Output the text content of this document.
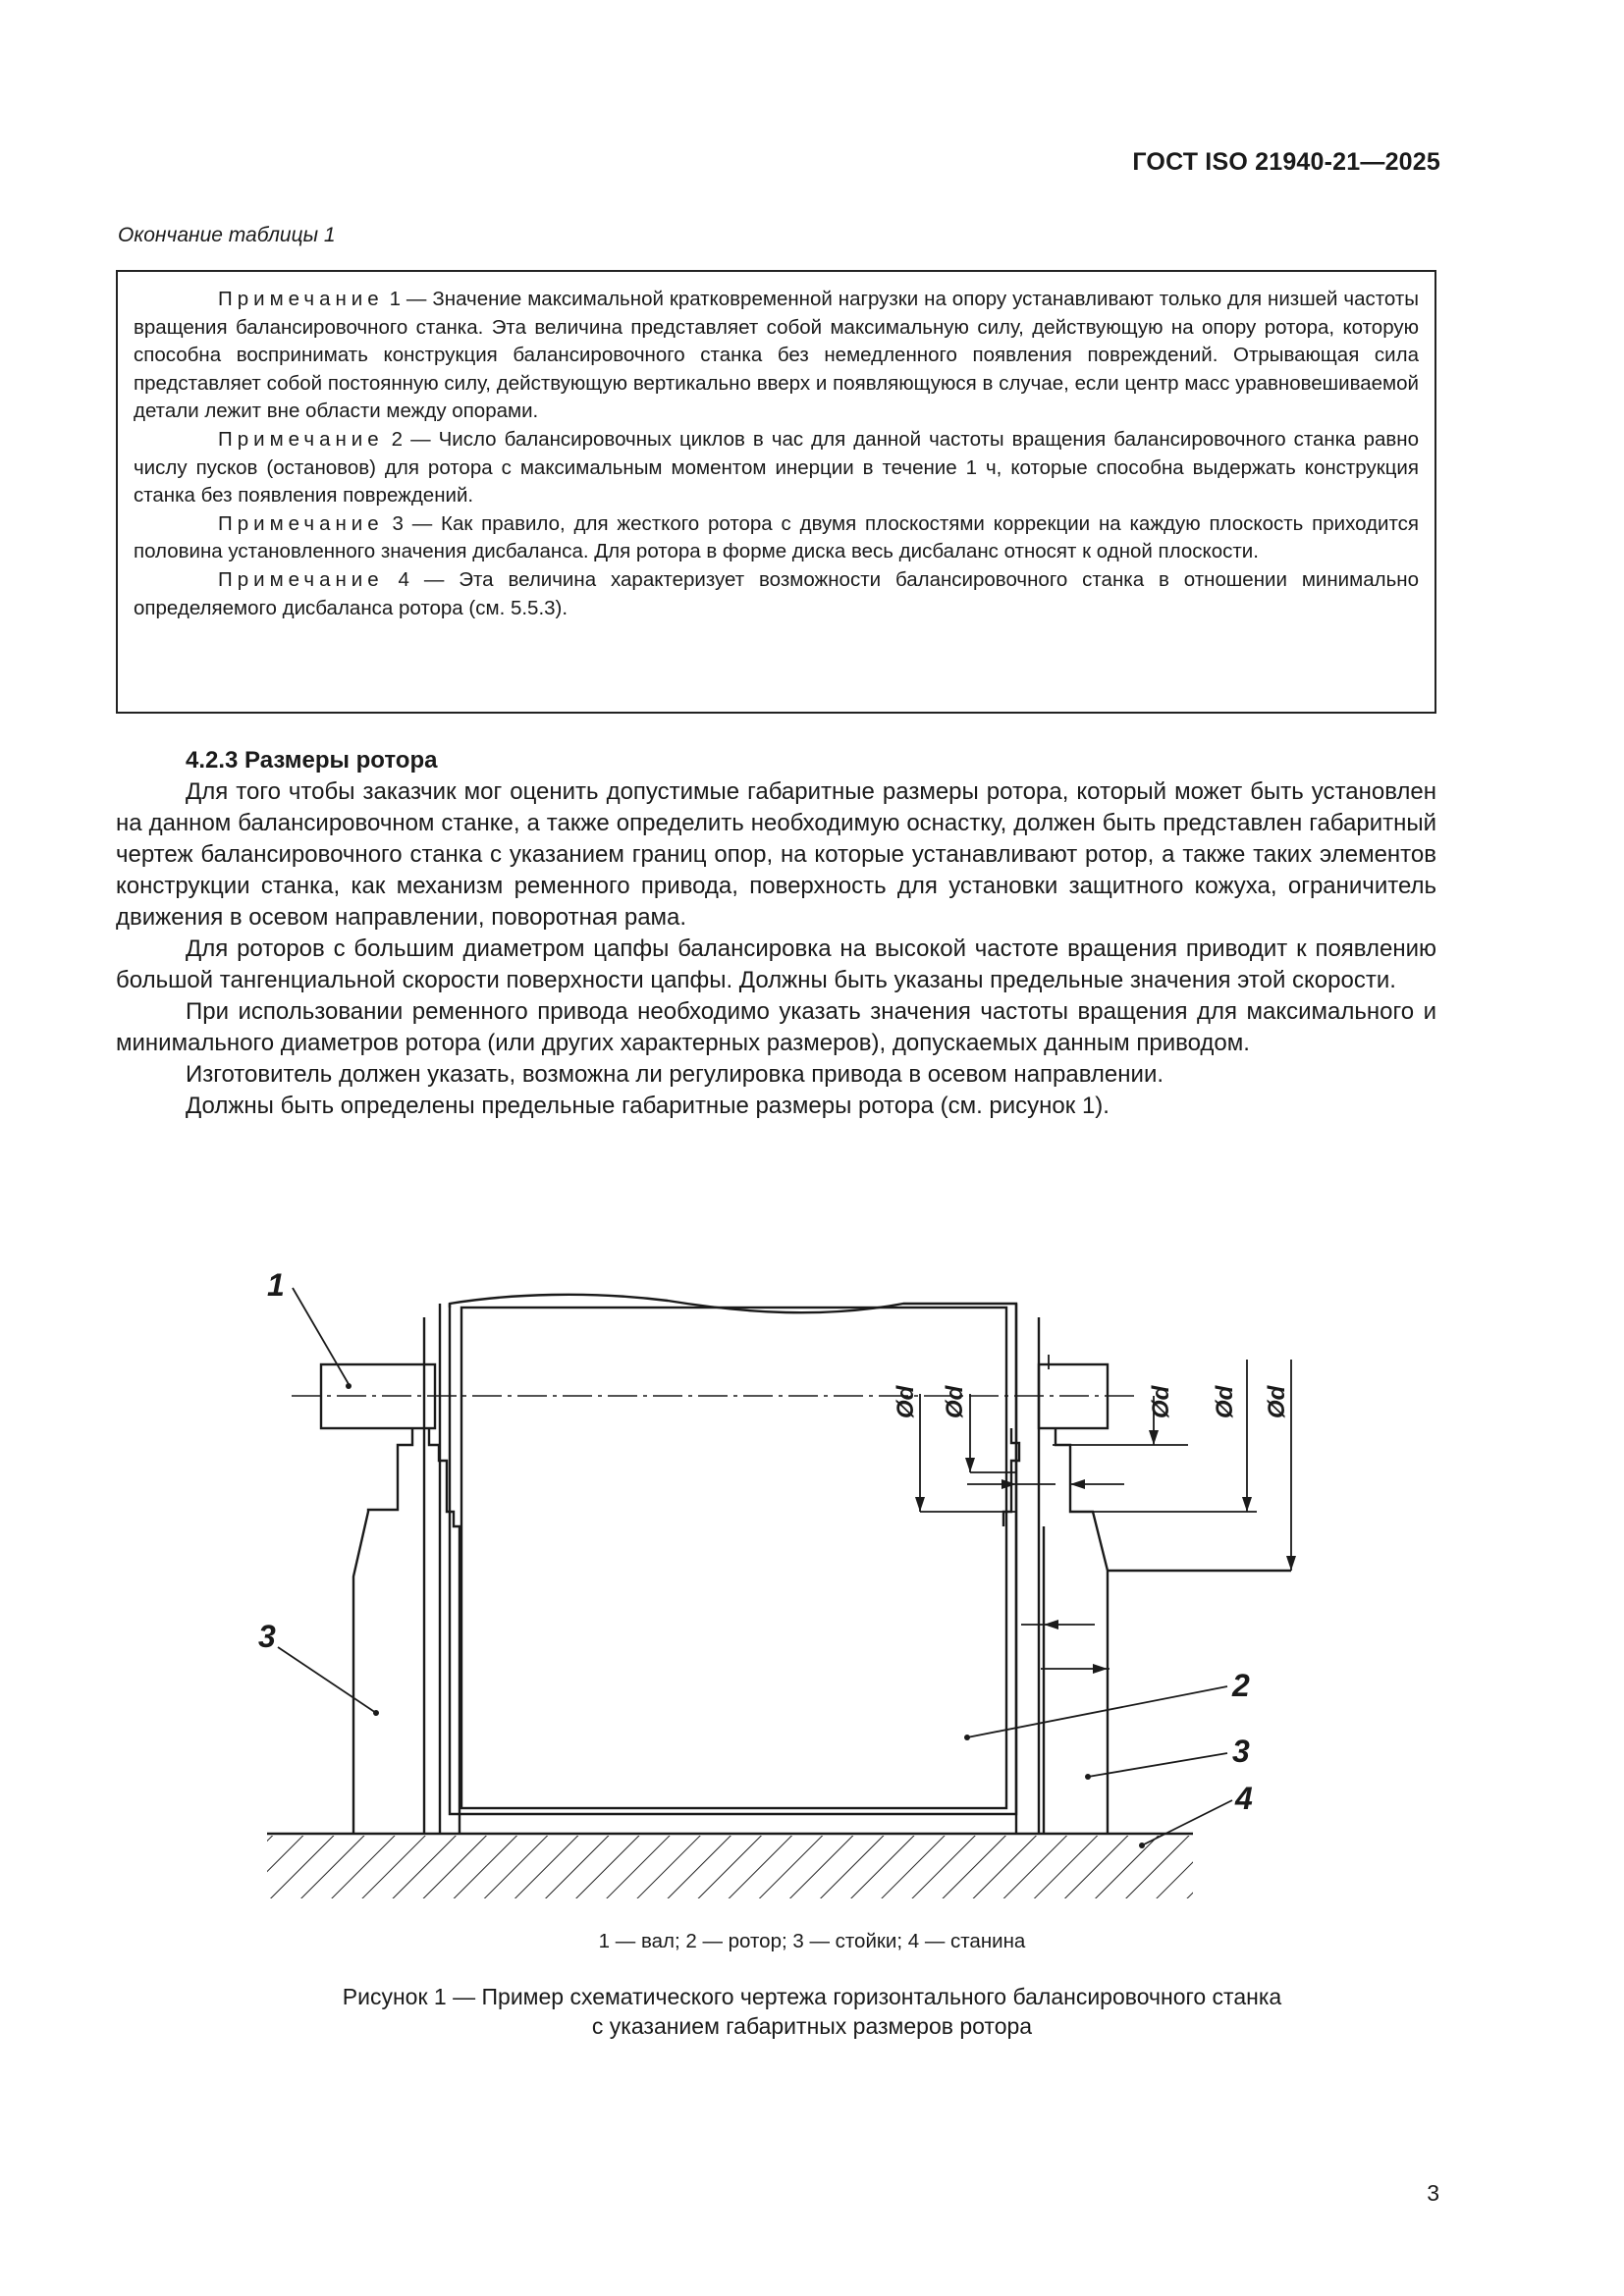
ГОСТ ISO 21940-21—2025
Окончание таблицы 1

Примечание 1 — Значение максимальной кратковременной нагрузки на опору устанавливают только для низшей частоты вращения балансировочного станка. Эта величина представляет собой максимальную силу, действующую на опору ротора, которую способна воспринимать конструкция балансировочного станка без немедленного появления повреждений. Отрывающая сила представляет собой постоянную силу, действующую вертикально вверх и появляющуюся в случае, если центр масс уравновешиваемой детали лежит вне области между опорами.

Примечание 2 — Число балансировочных циклов в час для данной частоты вращения балансировочного станка равно числу пусков (остановов) для ротора с максимальным моментом инерции в течение 1 ч, которые способна выдержать конструкция станка без появления повреждений.

Примечание 3 — Как правило, для жесткого ротора с двумя плоскостями коррекции на каждую плоскость приходится половина установленного значения дисбаланса. Для ротора в форме диска весь дисбаланс относят к одной плоскости.

Примечание 4 — Эта величина характеризует возможности балансировочного станка в отношении минимально определяемого дисбаланса ротора (см. 5.5.3).

4.2.3 Размеры ротора

Для того чтобы заказчик мог оценить допустимые габаритные размеры ротора, который может быть установлен на данном балансировочном станке, а также определить необходимую оснастку, должен быть представлен габаритный чертеж балансировочного станка с указанием границ опор, на которые устанавливают ротор, а также таких элементов конструкции станка, как механизм ременного привода, поверхность для установки защитного кожуха, ограничитель движения в осевом направлении, поворотная рама.

Для роторов с большим диаметром цапфы балансировка на высокой частоте вращения приводит к появлению большой тангенциальной скорости поверхности цапфы. Должны быть указаны предельные значения этой скорости.

При использовании ременного привода необходимо указать значения частоты вращения для максимального и минимального диаметров ротора (или других характерных размеров), допускаемых данным приводом.

Изготовитель должен указать, возможна ли регулировка привода в осевом направлении.

Должны быть определены предельные габаритные размеры ротора (см. рисунок 1).

1
3
2
3
4
Ød Ød	Ød Ød Ød
1 — вал; 2 — ротор; 3 — стойки; 4 — станина
Рисунок 1 — Пример схематического чертежа горизонтального балансировочного станка
с указанием габаритных размеров ротора
3
